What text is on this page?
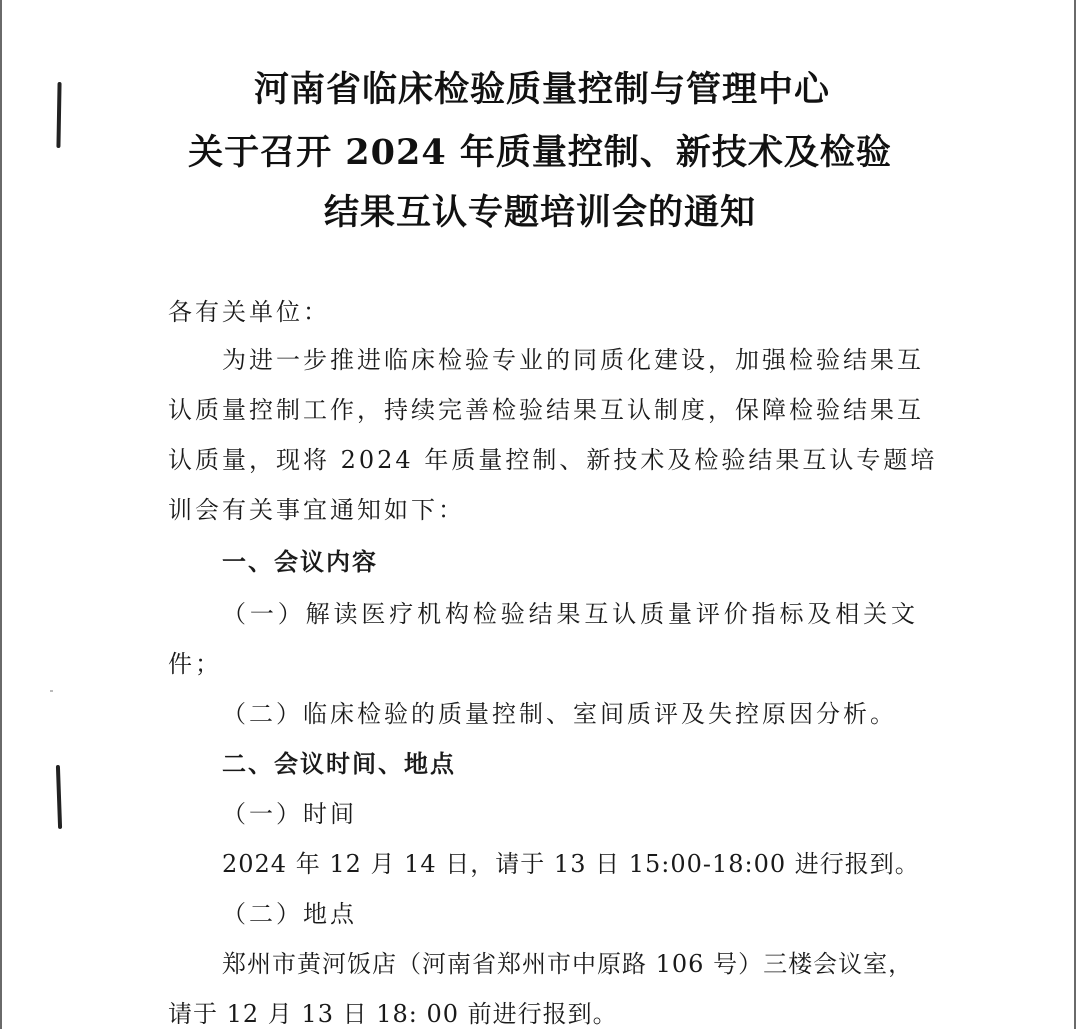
河南省临床检验质量控制与管理中心
关于召开 2024 年质量控制、新技术及检验
结果互认专题培训会的通知
各有关单位：
为进一步推进临床检验专业的同质化建设，加强检验结果互
认质量控制工作，持续完善检验结果互认制度，保障检验结果互
认质量，现将 2024 年质量控制、新技术及检验结果互认专题培
训会有关事宜通知如下：
一、会议内容
（一）解读医疗机构检验结果互认质量评价指标及相关文
件；
（二）临床检验的质量控制、室间质评及失控原因分析。
二、会议时间、地点
（一）时间
2024 年 12 月 14 日，请于 13 日 15:00-18:00 进行报到。
（二）地点
郑州市黄河饭店（河南省郑州市中原路 106 号）三楼会议室，
请于 12 月 13 日 18: 00 前进行报到。
